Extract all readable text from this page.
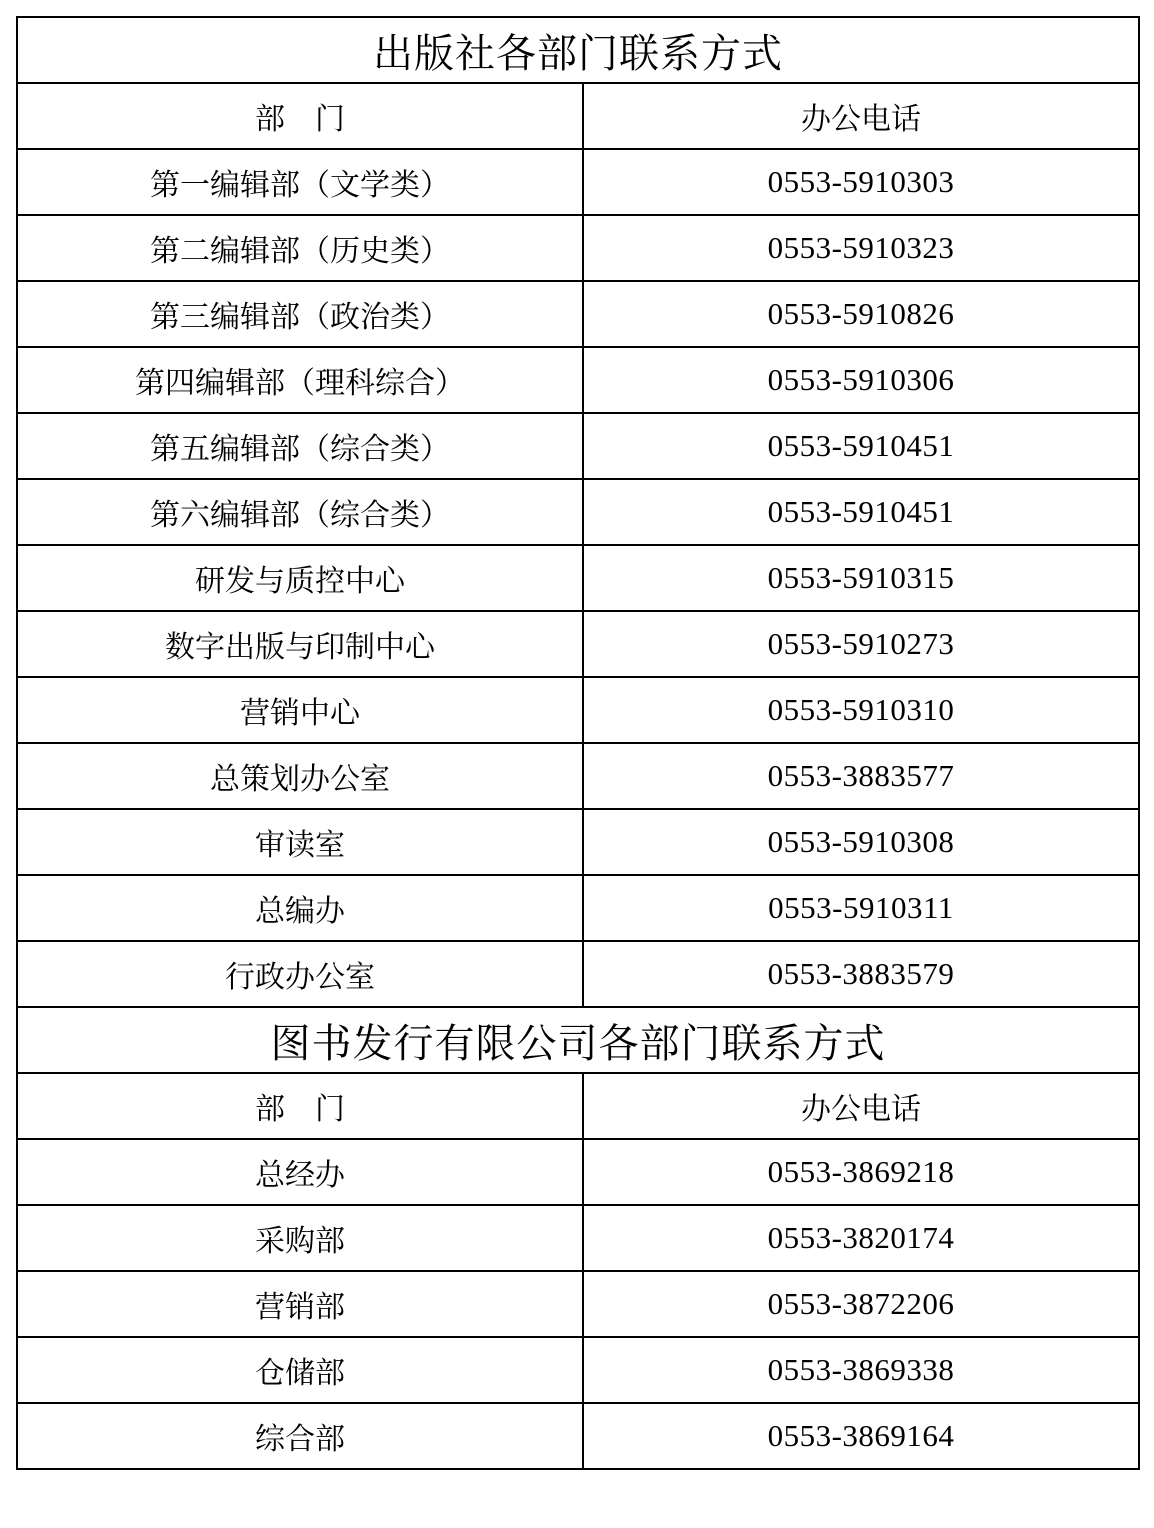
出版社各部门联系方式	
部　门	办公电话
第一编辑部（文学类）	0553-5910303
第二编辑部（历史类）	0553-5910323
第三编辑部（政治类）	0553-5910826
第四编辑部（理科综合）	0553-5910306
第五编辑部（综合类）	0553-5910451
第六编辑部（综合类）	0553-5910451
研发与质控中心	0553-5910315
数字出版与印制中心	0553-5910273
营销中心	0553-5910310
总策划办公室	0553-3883577
审读室	0553-5910308
总编办	0553-5910311
行政办公室	0553-3883579
图书发行有限公司各部门联系方式	
部　门	办公电话
总经办	0553-3869218
采购部	0553-3820174
营销部	0553-3872206
仓储部	0553-3869338
综合部	0553-3869164
